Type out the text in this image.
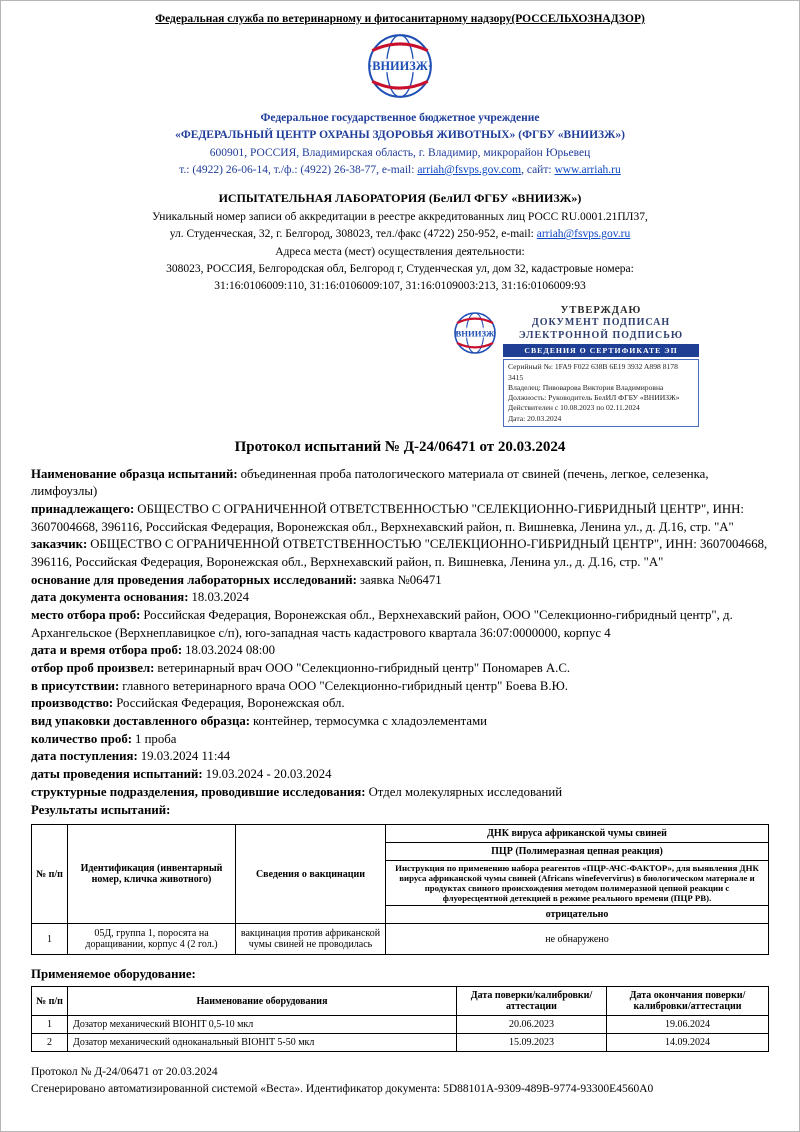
Федеральная служба по ветеринарному и фитосанитарному надзору(РОССЕЛЬХОЗНАДЗОР)
ВНИИЗЖ
Федеральное государственное бюджетное учреждение
«ФЕДЕРАЛЬНЫЙ ЦЕНТР ОХРАНЫ ЗДОРОВЬЯ ЖИВОТНЫХ» (ФГБУ «ВНИИЗЖ»)
600901, РОССИЯ, Владимирская область, г. Владимир, микрорайон Юрьевец
т.: (4922) 26-06-14, т./ф.: (4922) 26-38-77, e-mail: arriah@fsvps.gov.com, сайт: www.arriah.ru
ИСПЫТАТЕЛЬНАЯ ЛАБОРАТОРИЯ (БелИЛ ФГБУ «ВНИИЗЖ»)
Уникальный номер записи об аккредитации в реестре аккредитованных лиц РОСС RU.0001.21ПЛ37,
ул. Студенческая, 32, г. Белгород, 308023, тел./факс (4722) 250-952, e-mail: arriah@fsvps.gov.ru
Адреса места (мест) осуществления деятельности:
308023, РОССИЯ, Белгородская обл, Белгород г, Студенческая ул, дом 32, кадастровые номера:
31:16:0106009:110, 31:16:0106009:107, 31:16:0109003:213, 31:16:0106009:93
ВНИИЗЖ
УТВЕРЖДАЮ
ДОКУМЕНТ ПОДПИСАН
ЭЛЕКТРОННОЙ ПОДПИСЬЮ
СВЕДЕНИЯ О СЕРТИФИКАТЕ ЭП
Серийный №: 1FA9 F022 638B 6E19 3932 A898 8178 3415
Владелец: Пивоварова Виктория Владимировна
Должность: Руководитель БелИЛ ФГБУ «ВНИИЗЖ»
Действителен с 10.08.2023 по 02.11.2024
Дата: 20.03.2024
Протокол испытаний № Д-24/06471 от 20.03.2024

Наименование образца испытаний: объединенная проба патологического материала от свиней (печень, легкое, селезенка, лимфоузлы)

принадлежащего: ОБЩЕСТВО С ОГРАНИЧЕННОЙ ОТВЕТСТВЕННОСТЬЮ "СЕЛЕКЦИОННО-ГИБРИДНЫЙ ЦЕНТР", ИНН: 3607004668, 396116, Российская Федерация, Воронежская обл., Верхнехавский район, п. Вишневка, Ленина ул., д. Д.16, стр. "А"

заказчик: ОБЩЕСТВО С ОГРАНИЧЕННОЙ ОТВЕТСТВЕННОСТЬЮ "СЕЛЕКЦИОННО-ГИБРИДНЫЙ ЦЕНТР", ИНН: 3607004668, 396116, Российская Федерация, Воронежская обл., Верхнехавский район, п. Вишневка, Ленина ул., д. Д.16, стр. "А"

основание для проведения лабораторных исследований: заявка №06471

дата документа основания: 18.03.2024

место отбора проб: Российская Федерация, Воронежская обл., Верхнехавский район, ООО "Селекционно-гибридный центр", д. Архангельское (Верхнеплавицкое с/п), юго-западная часть кадастрового квартала 36:07:0000000, корпус 4

дата и время отбора проб: 18.03.2024 08:00

отбор проб произвел: ветеринарный врач ООО "Селекционно-гибридный центр" Пономарев А.С.

в присутствии: главного ветеринарного врача ООО "Селекционно-гибридный центр" Боева В.Ю.

производство: Российская Федерация, Воронежская обл.

вид упаковки доставленного образца: контейнер, термосумка с хладоэлементами

количество проб: 1 проба

дата поступления: 19.03.2024 11:44

даты проведения испытаний: 19.03.2024 - 20.03.2024

структурные подразделения, проводившие исследования: Отдел молекулярных исследований

Результаты испытаний:

№ п/п	Идентификация (инвентарный номер, кличка животного)	Сведения о вакцинации	ДНК вируса африканской чумы свиней
			ПЦР (Полимеразная цепная реакция)
			Инструкция по применению набора реагентов «ПЦР-АЧС-ФАКТОР», для выявления ДНК вируса африканской чумы свиней (Africans winefevervirus) в биологическом материале и продуктах свиного происхождения методом полимеразной цепной реакции с флуоресцентной детекцией в режиме реального времени (ПЦР РВ).
			отрицательно
1	05Д, группа 1, поросята на доращивании, корпус 4 (2 гол.)	вакцинация против африканской чумы свиней не проводилась	не обнаружено
Применяемое оборудование:
№ п/п	Наименование оборудования	Дата поверки/калибровки/аттестации	Дата окончания поверки/калибровки/аттестации
1	Дозатор механический BIOHIT 0,5-10 мкл	20.06.2023	19.06.2024
2	Дозатор механический одноканальный BIOHIT 5-50 мкл	15.09.2023	14.09.2024
Протокол № Д-24/06471 от 20.03.2024
Сгенерировано автоматизированной системой «Веста». Идентификатор документа: 5D88101A-9309-489B-9774-93300E4560A0
